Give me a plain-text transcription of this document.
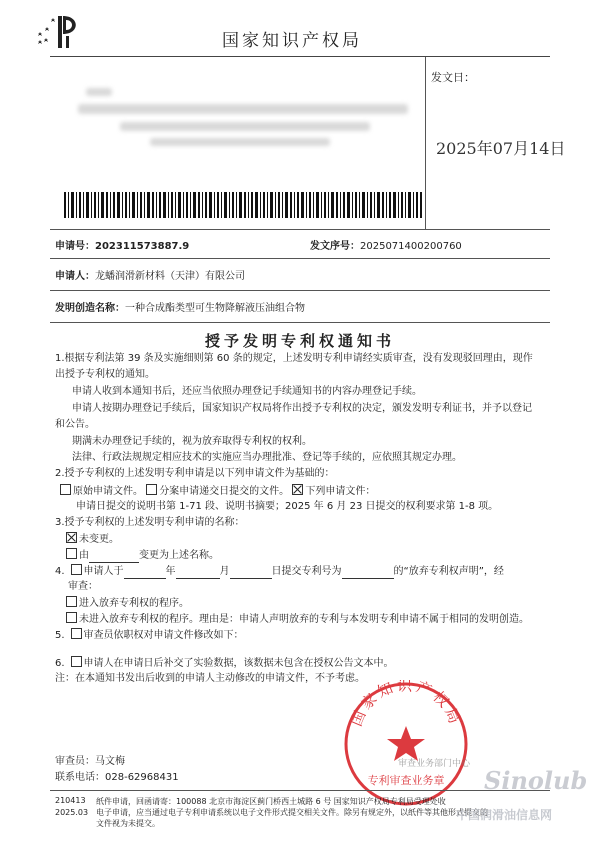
国家知识产权局
发文日：
2025年07月14日
申请号：202311573887.9	发文序号：2025071400200760
申请人：龙蟠润滑新材料（天津）有限公司
发明创造名称：一种合成酯类型可生物降解液压油组合物
授予发明专利权通知书
1.根据专利法第 39 条及实施细则第 60 条的规定，上述发明专利申请经实质审查，没有发现驳回理由，现作
出授予专利权的通知。
申请人收到本通知书后，还应当依照办理登记手续通知书的内容办理登记手续。
申请人按期办理登记手续后，国家知识产权局将作出授予专利权的决定，颁发发明专利证书，并予以登记
和公告。
期满未办理登记手续的，视为放弃取得专利权的权利。
法律、行政法规规定相应技术的实施应当办理批准、登记等手续的，应依照其规定办理。
2.授予专利权的上述发明专利申请是以下列申请文件为基础的：
原始申请文件。 分案申请递交日提交的文件。 下列申请文件：
申请日提交的说明书第 1-71 段、说明书摘要；2025 年 6 月 23 日提交的权利要求第 1-8 项。
3.授予专利权的上述发明专利申请的名称：
未变更。
由	变更为上述名称。
4. 申请人于	年	月	日提交专利号为	的“放弃专利权声明”，经
审查：
进入放弃专利权的程序。
未进入放弃专利权的程序。理由是：申请人声明放弃的专利与本发明专利申请不属于相同的发明创造。
5. 审查员依职权对申请文件修改如下：
6. 申请人在申请日后补交了实验数据，该数据未包含在授权公告文本中。
注：在本通知书发出后收到的申请人主动修改的申请文件，不予考虑。
国家知识产权局
专利审查业务章
审查业务部门中心
审查员：马文梅
联系电话：028-62968431
210413
2025.03
纸件申请，回函请寄：100088 北京市海淀区蓟门桥西土城路 6 号 国家知识产权局专利局受理处收
电子申请，应当通过电子专利申请系统以电子文件形式提交相关文件。除另有规定外，以纸件等其他形式提交的
文件视为未提交。
Sinolub
中国润滑油信息网
